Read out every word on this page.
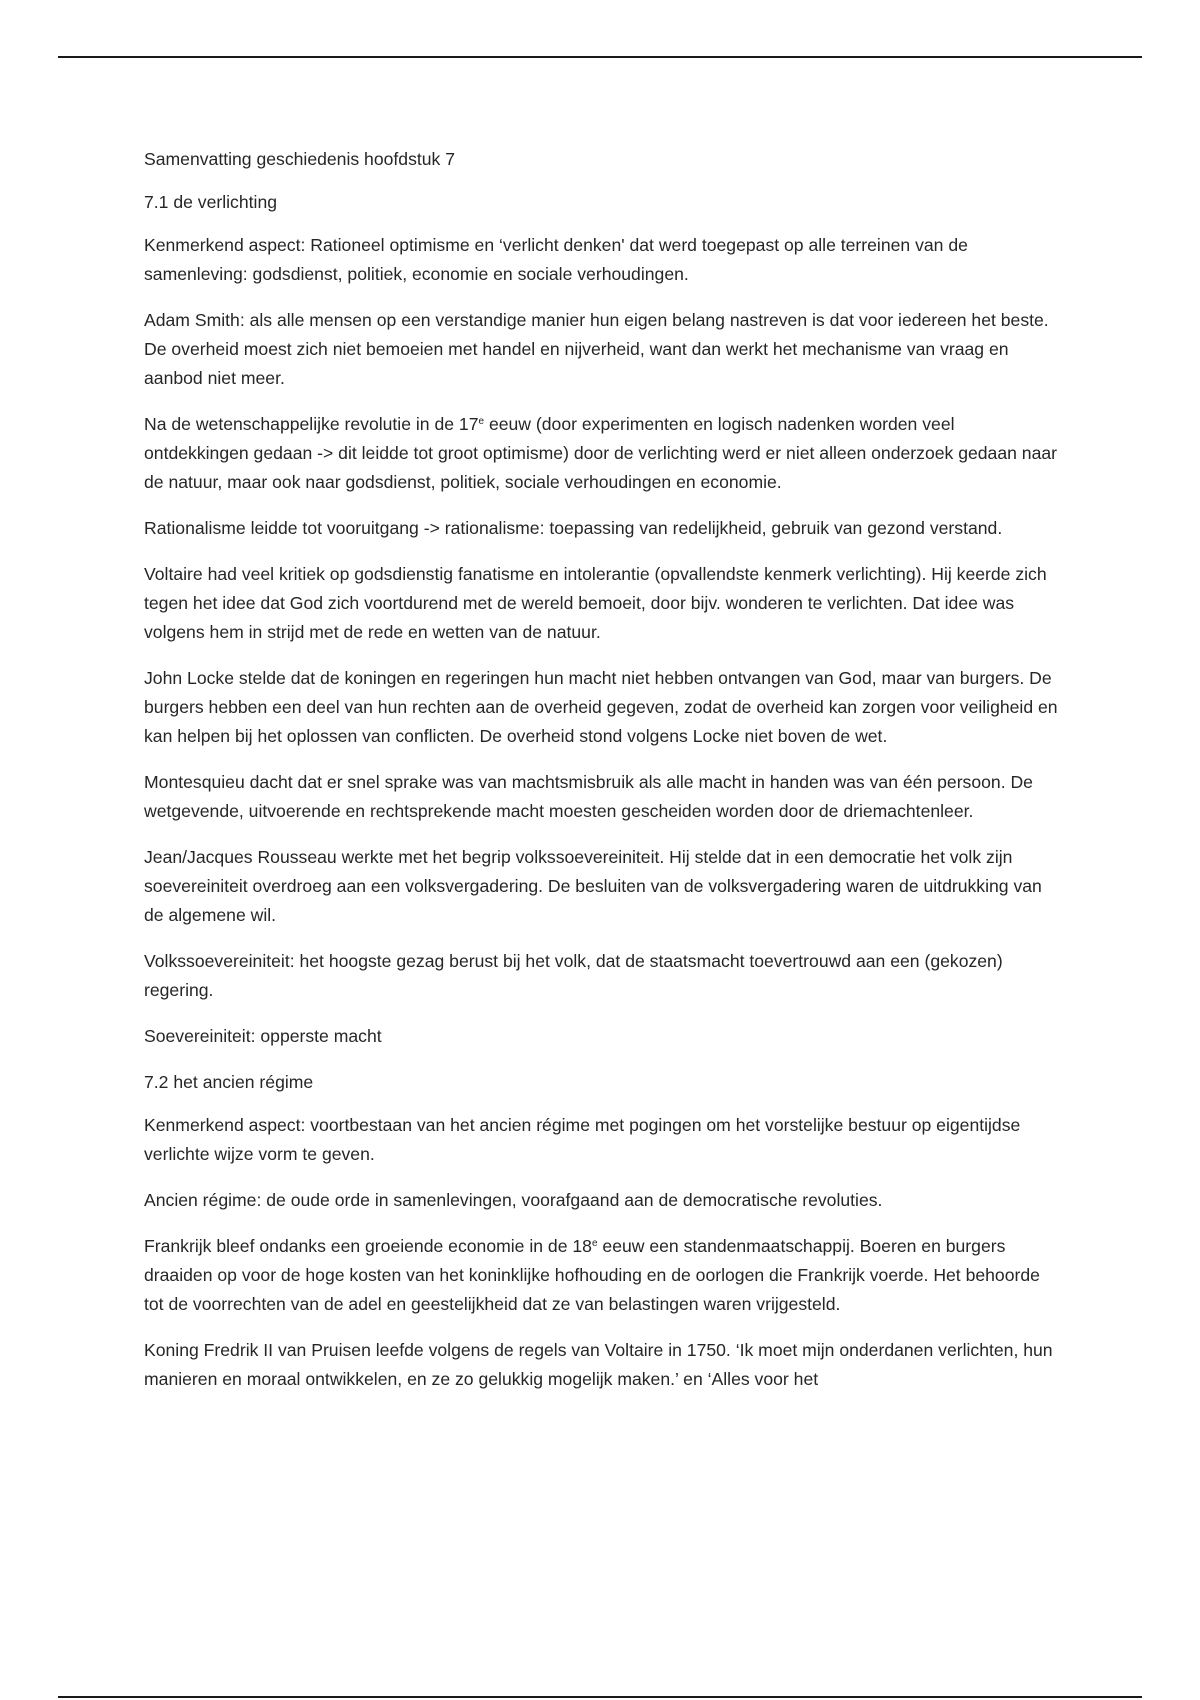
Samenvatting geschiedenis hoofdstuk 7

7.1 de verlichting

Kenmerkend aspect: Rationeel optimisme en ‘verlicht denken' dat werd toegepast op alle terreinen van de samenleving: godsdienst, politiek, economie en sociale verhoudingen.

Adam Smith: als alle mensen op een verstandige manier hun eigen belang nastreven is dat voor iedereen het beste. De overheid moest zich niet bemoeien met handel en nijverheid, want dan werkt het mechanisme van vraag en aanbod niet meer.

Na de wetenschappelijke revolutie in de 17e eeuw (door experimenten en logisch nadenken worden veel ontdekkingen gedaan -> dit leidde tot groot optimisme) door de verlichting werd er niet alleen onderzoek gedaan naar de natuur, maar ook naar godsdienst, politiek, sociale verhoudingen en economie.

Rationalisme leidde tot vooruitgang -> rationalisme: toepassing van redelijkheid, gebruik van gezond verstand.

Voltaire had veel kritiek op godsdienstig fanatisme en intolerantie (opvallendste kenmerk verlichting). Hij keerde zich tegen het idee dat God zich voortdurend met de wereld bemoeit, door bijv. wonderen te verlichten. Dat idee was volgens hem in strijd met de rede en wetten van de natuur.

John Locke stelde dat de koningen en regeringen hun macht niet hebben ontvangen van God, maar van burgers. De burgers hebben een deel van hun rechten aan de overheid gegeven, zodat de overheid kan zorgen voor veiligheid en kan helpen bij het oplossen van conflicten. De overheid stond volgens Locke niet boven de wet.

Montesquieu dacht dat er snel sprake was van machtsmisbruik als alle macht in handen was van één persoon. De wetgevende, uitvoerende en rechtsprekende macht moesten gescheiden worden door de driemachtenleer.

Jean/Jacques Rousseau werkte met het begrip volkssoevereiniteit. Hij stelde dat in een democratie het volk zijn soevereiniteit overdroeg aan een volksvergadering. De besluiten van de volksvergadering waren de uitdrukking van de algemene wil.

Volkssoevereiniteit: het hoogste gezag berust bij het volk, dat de staatsmacht toevertrouwd aan een (gekozen) regering.

Soevereiniteit: opperste macht

7.2 het ancien régime

Kenmerkend aspect: voortbestaan van het ancien régime met pogingen om het vorstelijke bestuur op eigentijdse verlichte wijze vorm te geven.

Ancien régime: de oude orde in samenlevingen, voorafgaand aan de democratische revoluties.

Frankrijk bleef ondanks een groeiende economie in de 18e eeuw een standenmaatschappij. Boeren en burgers draaiden op voor de hoge kosten van het koninklijke hofhouding en de oorlogen die Frankrijk voerde. Het behoorde tot de voorrechten van de adel en geestelijkheid dat ze van belastingen waren vrijgesteld.

Koning Fredrik II van Pruisen leefde volgens de regels van Voltaire in 1750. ‘Ik moet mijn onderdanen verlichten, hun manieren en moraal ontwikkelen, en ze zo gelukkig mogelijk maken.’ en ‘Alles voor het
